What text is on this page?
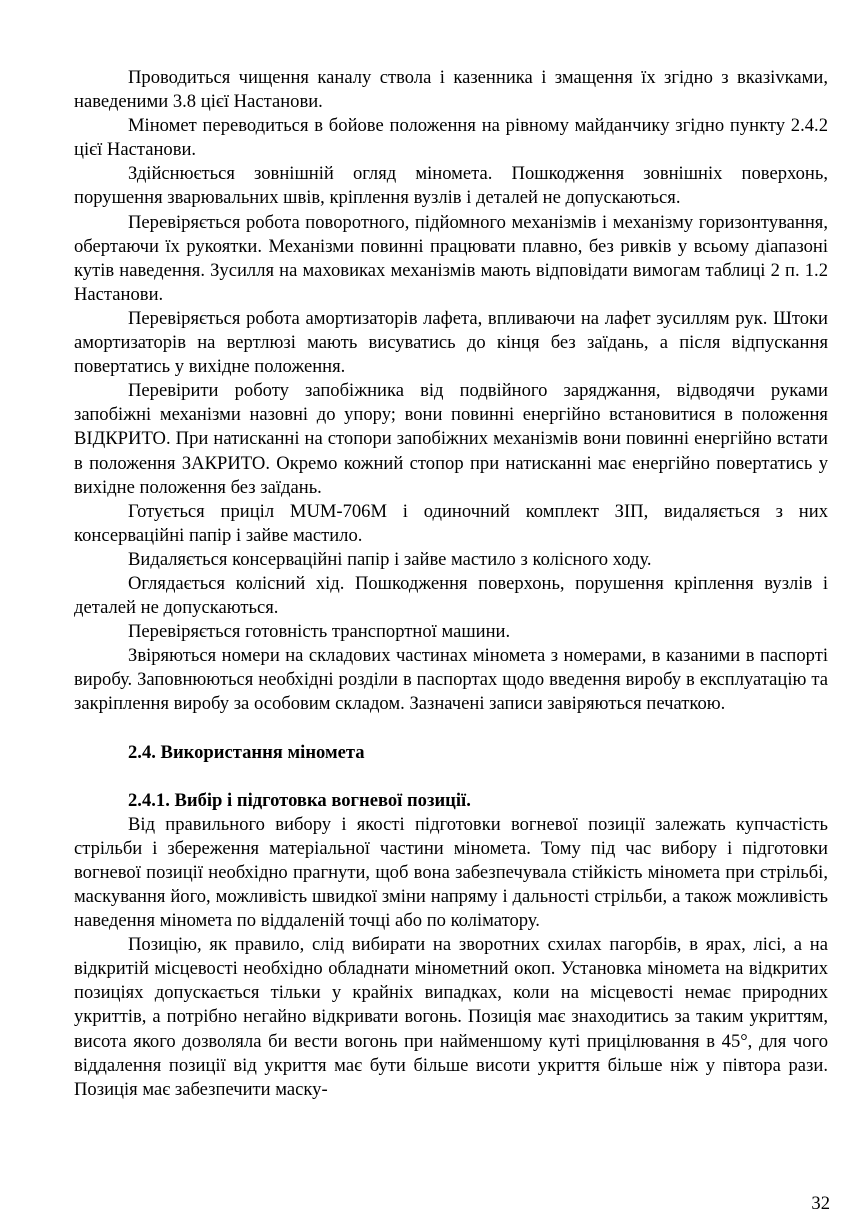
Проводиться чищення каналу ствола і казенника і змащення їх згідно з вказіvками, наведеними 3.8 цієї Настанови.

Міномет переводиться в бойове положення на рівному майданчику згідно пункту 2.4.2 цієї Настанови.

Здійснюється зовнішній огляд міномета. Пошкодження зовнішніх поверхонь, порушення зварювальних швів, кріплення вузлів і деталей не допускаються.

Перевіряється робота поворотного, підйомного механізмів і механізму горизонтування, обертаючи їх рукоятки. Механізми повинні працювати плавно, без ривків у всьому діапазоні кутів наведення. Зусилля на маховиках механізмів мають відповідати вимогам таблиці 2 п. 1.2 Настанови.

Перевіряється робота амортизаторів лафета, впливаючи на лафет зусиллям рук. Штоки амортизаторів на вертлюзі мають висуватись до кінця без заїдань, а після відпускання повертатись у вихідне положення.

Перевірити роботу запобіжника від подвійного заряджання, відводячи руками запобіжні механізми назовні до упору; вони повинні енергійно встановитися в положення ВІДКРИТО. При натисканні на стопори запобіжних механізмів вони повинні енергійно встати в положення ЗАКРИТО. Окремо кожний стопор при натисканні має енергійно повертатись у вихідне положення без заїдань.

Готується приціл MUM-706M і одиночний комплект ЗІП, видаляється з них консерваційні папір і зайве мастило.

Видаляється консерваційні папір і зайве мастило з колісного ходу.

Оглядається колісний хід. Пошкодження поверхонь, порушення кріплення вузлів і деталей не допускаються.

Перевіряється готовність транспортної машини.

Звіряються номери на складових частинах міномета з номерами, в казаними в паспорті виробу. Заповнюються необхідні розділи в паспортах щодо введення виробу в експлуатацію та закріплення виробу за особовим складом. Зазначені записи завіряються печаткою.

2.4. Використання міномета
2.4.1. Вибір і підготовка вогневої позиції.

Від правильного вибору і якості підготовки вогневої позиції залежать купчастість стрільби і збереження матеріальної частини міномета. Тому під час вибору і підготовки вогневої позиції необхідно прагнути, щоб вона забезпечувала стійкість міномета при стрільбі, маскування його, можливість швидкої зміни напряму і дальності стрільби, а також можливість наведення міномета по віддаленій точці або по коліматору.

Позицію, як правило, слід вибирати на зворотних схилах пагорбів, в ярах, лісі, а на відкритій місцевості необхідно обладнати мінометний окоп. Установка міномета на відкритих позиціях допускається тільки у крайніх випадках, коли на місцевості немає природних укриттів, а потрібно негайно відкривати вогонь. Позиція має знаходитись за таким укриттям, висота якого дозволяла би вести вогонь при найменшому куті прицілювання в 45°, для чого віддалення позиції від укриття має бути більше висоти укриття більше ніж у півтора рази. Позиція має забезпечити маску-

32
